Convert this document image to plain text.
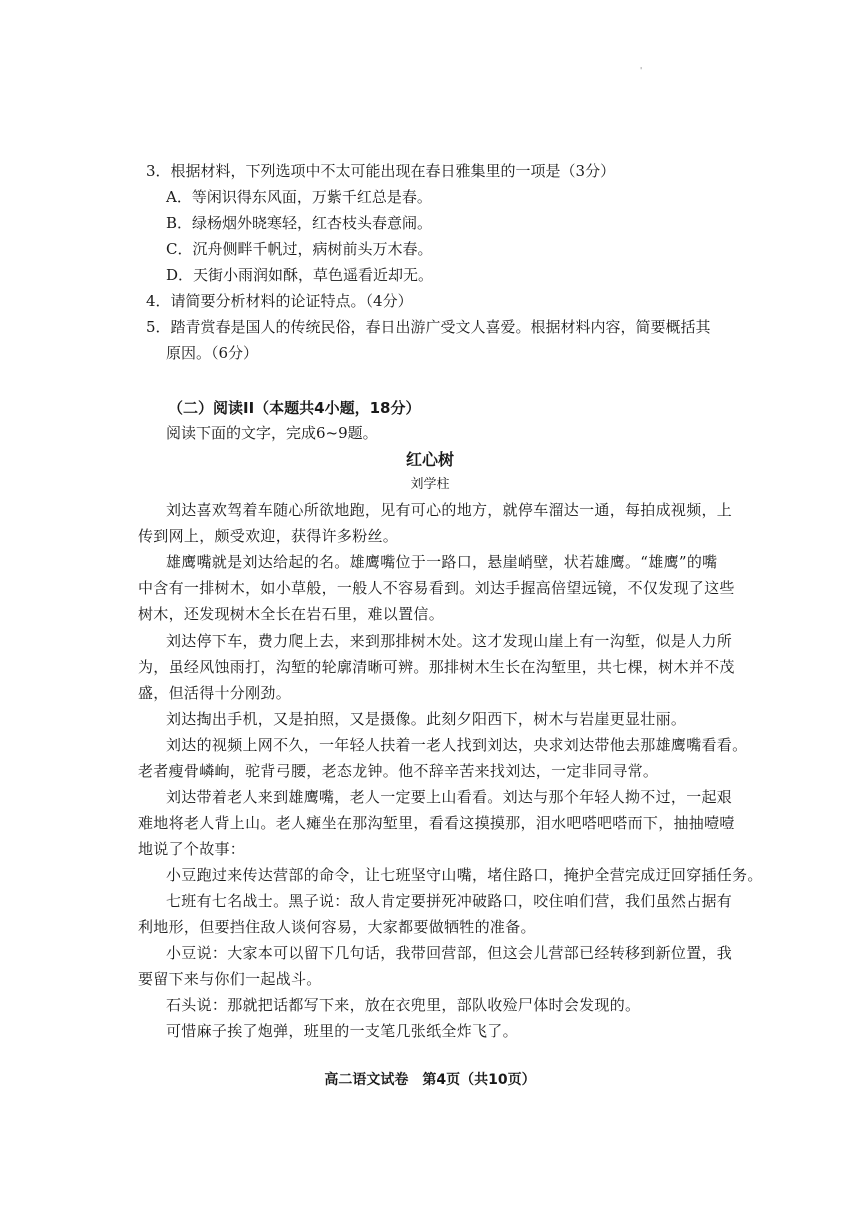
'
3．根据材料，下列选项中不太可能出现在春日雅集里的一项是（3分）
A．等闲识得东风面，万紫千红总是春。
B．绿杨烟外晓寒轻，红杏枝头春意闹。
C．沉舟侧畔千帆过，病树前头万木春。
D．天街小雨润如酥，草色遥看近却无。
4．请简要分析材料的论证特点。（4分）
5．踏青赏春是国人的传统民俗，春日出游广受文人喜爱。根据材料内容，简要概括其
原因。（6分）
（二）阅读II（本题共4小题，18分）
阅读下面的文字，完成6~9题。
红心树
刘学柱
刘达喜欢驾着车随心所欲地跑，见有可心的地方，就停车溜达一通，每拍成视频，上
传到网上，颇受欢迎，获得许多粉丝。
雄鹰嘴就是刘达给起的名。雄鹰嘴位于一路口，悬崖峭壁，状若雄鹰。“雄鹰”的嘴
中含有一排树木，如小草般，一般人不容易看到。刘达手握高倍望远镜，不仅发现了这些
树木，还发现树木全长在岩石里，难以置信。
刘达停下车，费力爬上去，来到那排树木处。这才发现山崖上有一沟堑，似是人力所
为，虽经风蚀雨打，沟堑的轮廓清晰可辨。那排树木生长在沟堑里，共七棵，树木并不茂
盛，但活得十分刚劲。
刘达掏出手机，又是拍照，又是摄像。此刻夕阳西下，树木与岩崖更显壮丽。
刘达的视频上网不久，一年轻人扶着一老人找到刘达，央求刘达带他去那雄鹰嘴看看。
老者瘦骨嶙峋，驼背弓腰，老态龙钟。他不辞辛苦来找刘达，一定非同寻常。
刘达带着老人来到雄鹰嘴，老人一定要上山看看。刘达与那个年轻人拗不过，一起艰
难地将老人背上山。老人瘫坐在那沟堑里，看看这摸摸那，泪水吧嗒吧嗒而下，抽抽噎噎
地说了个故事：
小豆跑过来传达营部的命令，让七班坚守山嘴，堵住路口，掩护全营完成迂回穿插任务。
七班有七名战士。黑子说：敌人肯定要拼死冲破路口，咬住咱们营，我们虽然占据有
利地形，但要挡住敌人谈何容易，大家都要做牺牲的准备。
小豆说：大家本可以留下几句话，我带回营部，但这会儿营部已经转移到新位置，我
要留下来与你们一起战斗。
石头说：那就把话都写下来，放在衣兜里，部队收殓尸体时会发现的。
可惜麻子挨了炮弹，班里的一支笔几张纸全炸飞了。
高二语文试卷　第4页（共10页）
